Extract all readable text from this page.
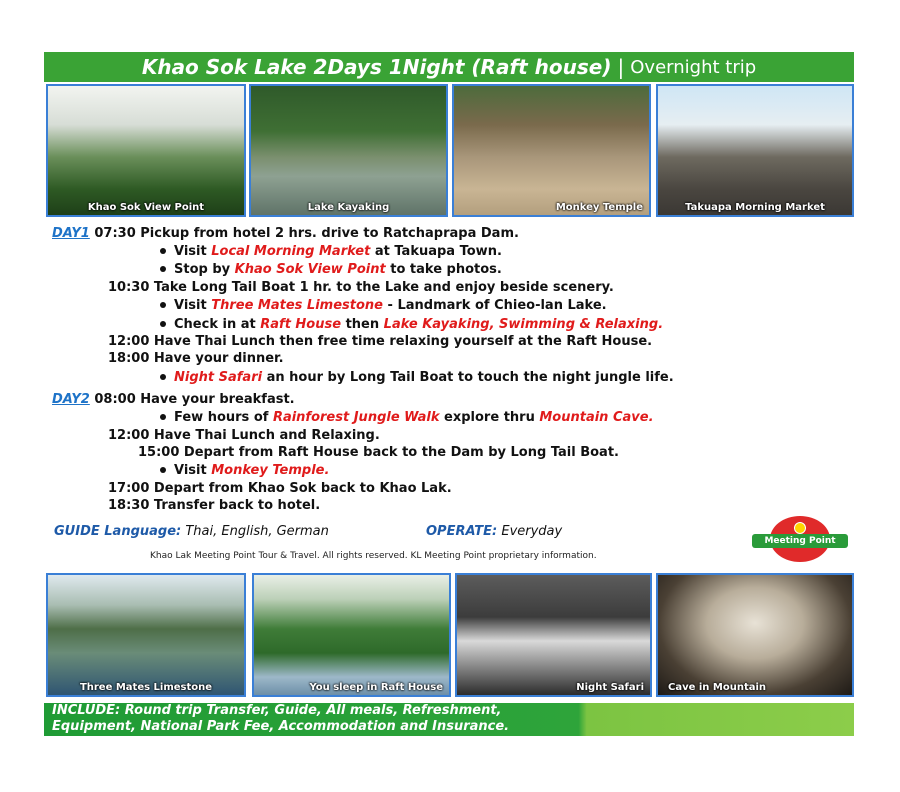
Khao Sok Lake 2Days 1Night (Raft house) | Overnight trip
Khao Sok View Point	Lake Kayaking	Monkey Temple	Takuapa Morning Market
DAY1 07:30 Pickup from hotel 2 hrs. drive to Ratchaprapa Dam.
Visit Local Morning Market at Takuapa Town.
Stop by Khao Sok View Point to take photos.
10:30 Take Long Tail Boat 1 hr. to the Lake and enjoy beside scenery.
Visit Three Mates Limestone - Landmark of Chieo-lan Lake.
Check in at Raft House then Lake Kayaking, Swimming & Relaxing.
12:00 Have Thai Lunch then free time relaxing yourself at the Raft House.
18:00 Have your dinner.
Night Safari an hour by Long Tail Boat to touch the night jungle life.
DAY2 08:00 Have your breakfast.
Few hours of Rainforest Jungle Walk explore thru Mountain Cave.
12:00 Have Thai Lunch and Relaxing.
15:00 Depart from Raft House back to the Dam by Long Tail Boat.
Visit Monkey Temple.
17:00 Depart from Khao Sok back to Khao Lak.
18:30 Transfer back to hotel.
GUIDE Language: Thai, English, German	OPERATE: Everyday
Meeting Point
Khao Lak Meeting Point Tour & Travel. All rights reserved. KL Meeting Point proprietary information.
Three Mates Limestone	You sleep in Raft House	Night Safari	Cave in Mountain
INCLUDE: Round trip Transfer, Guide, All meals, Refreshment,
Equipment, National Park Fee, Accommodation and Insurance.
